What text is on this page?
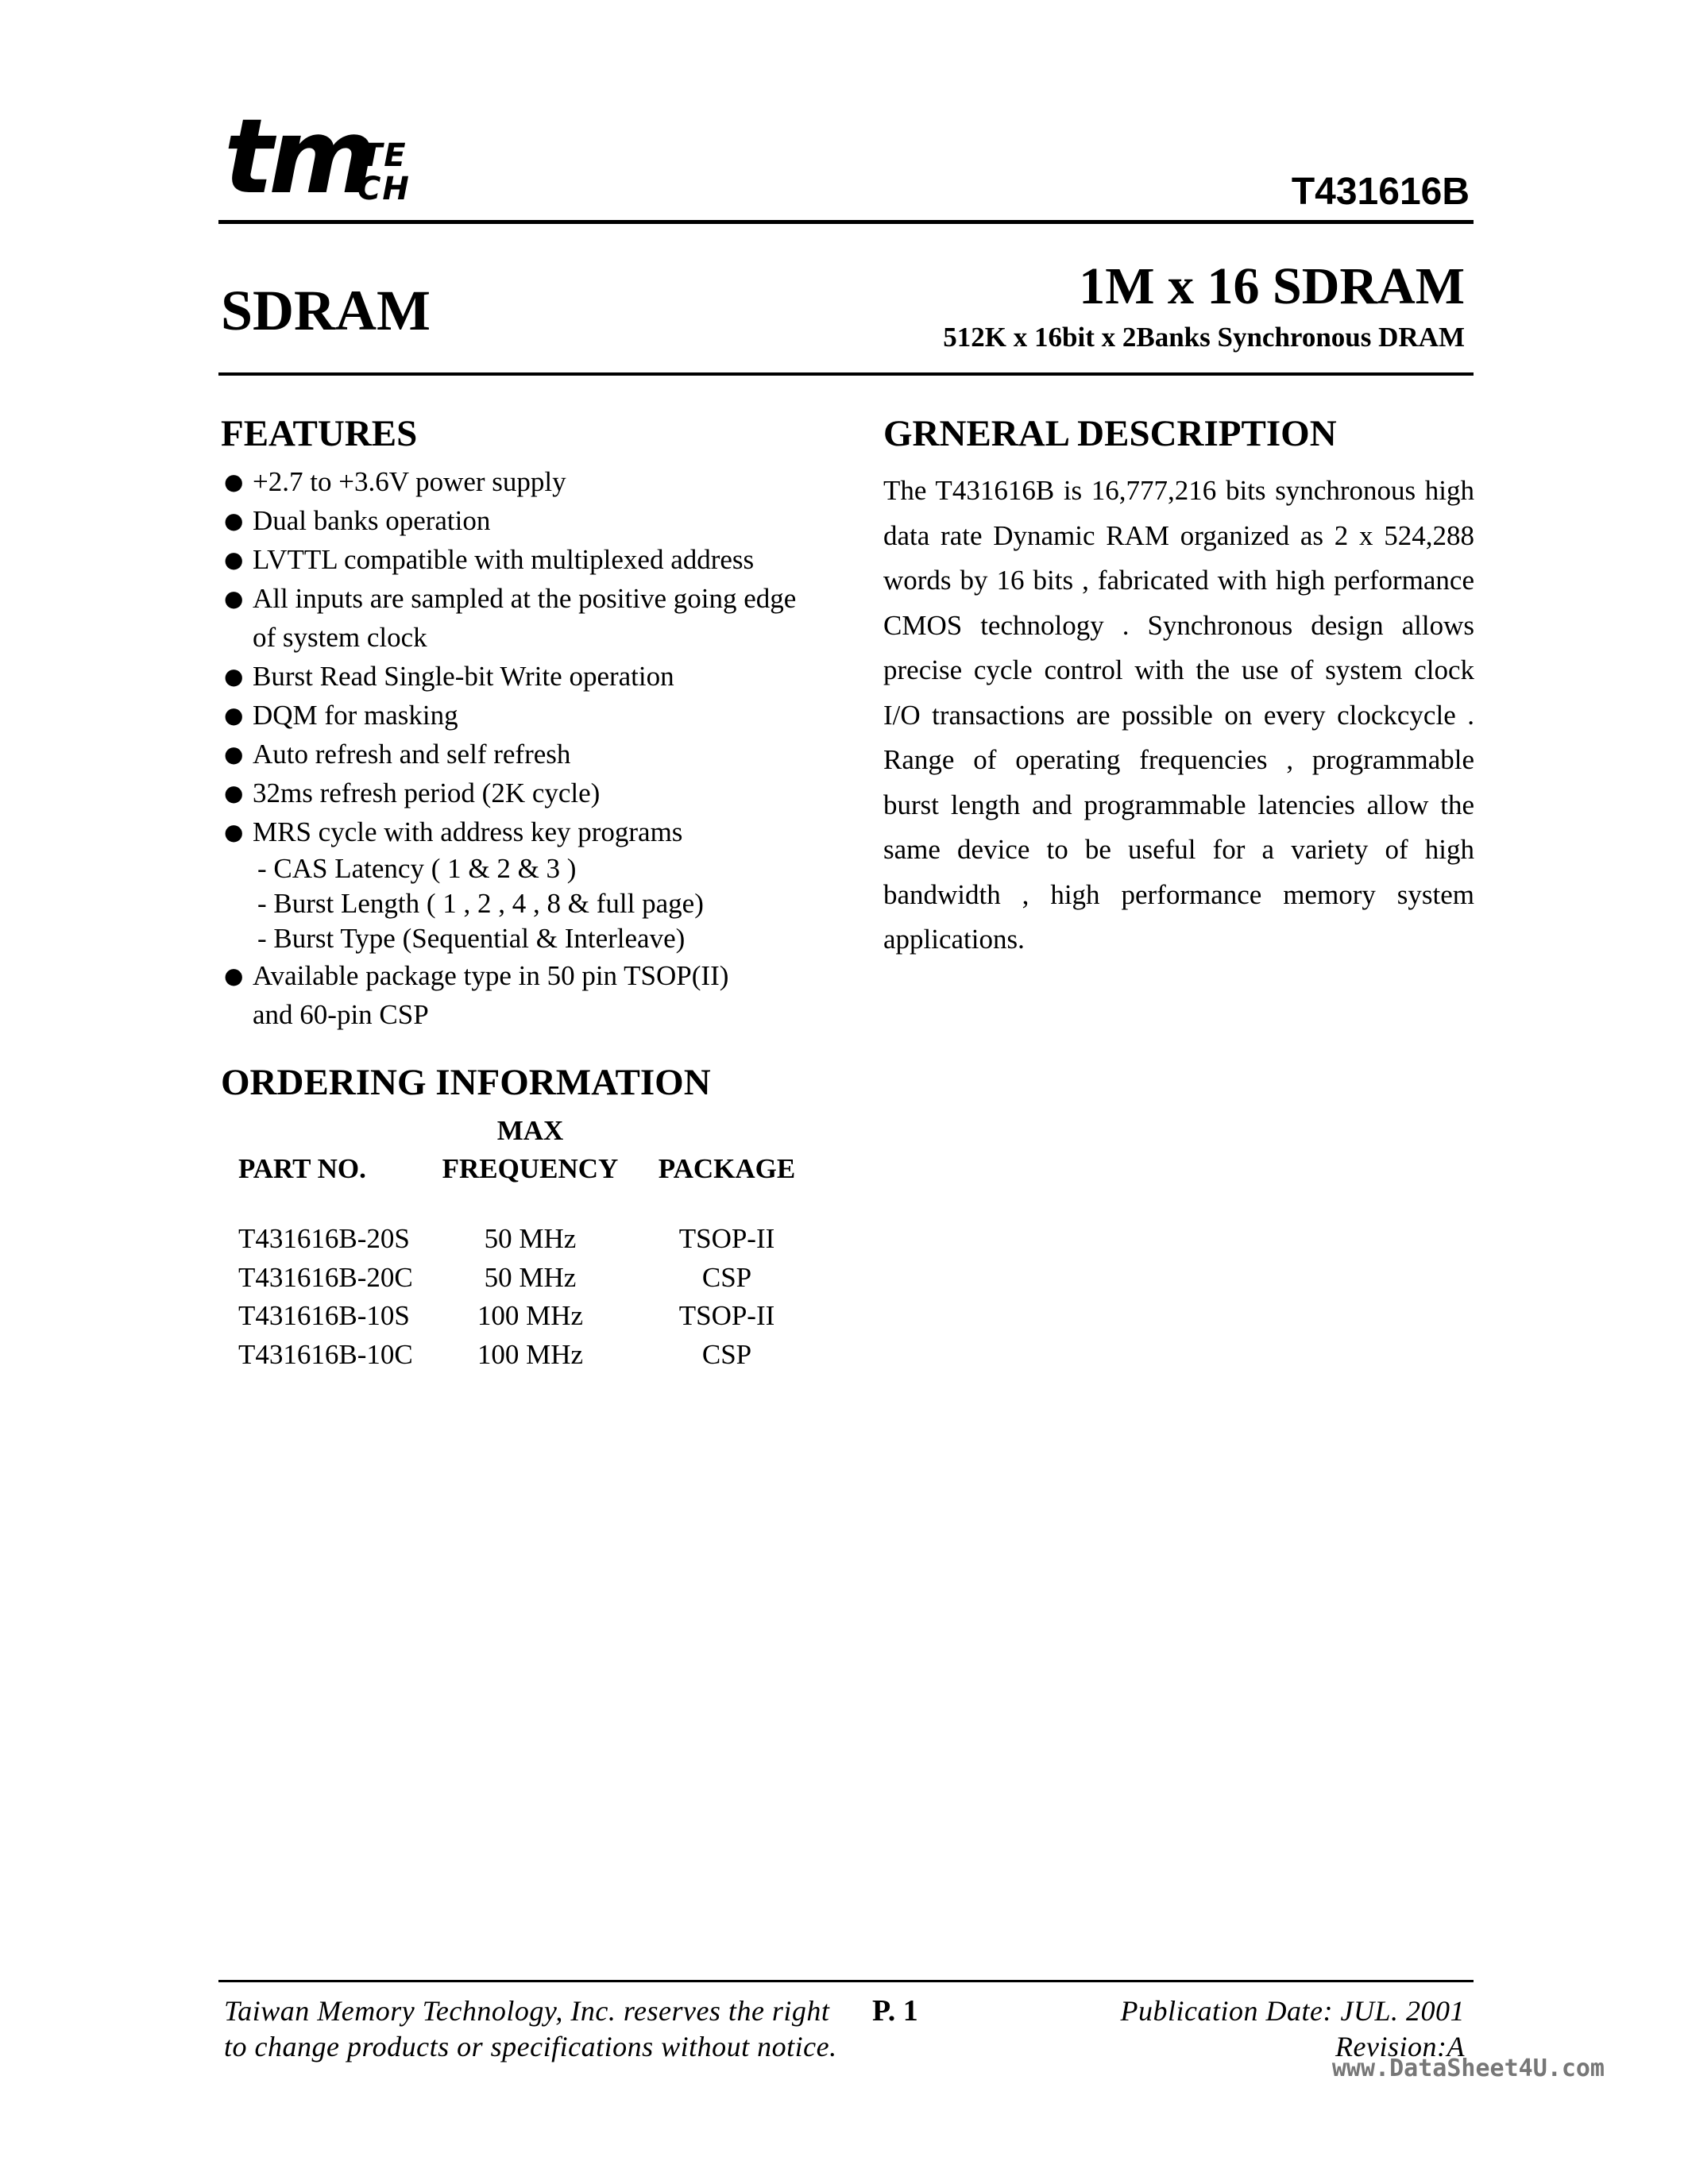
tm
TE
CH	T431616B
SDRAM	1M x 16 SDRAM
512K x 16bit x 2Banks Synchronous DRAM
FEATURES
● +2.7 to +3.6V power supply
● Dual banks operation
● LVTTL compatible with multiplexed address
● All inputs are sampled at the positive going edge
of system clock
● Burst Read Single-bit Write operation
● DQM for masking
● Auto refresh and self refresh
● 32ms refresh period (2K cycle)
● MRS cycle with address key programs
- CAS Latency ( 1 & 2 & 3 )
- Burst Length ( 1 , 2 , 4 , 8 & full page)
- Burst Type (Sequential & Interleave)
● Available package type in 50 pin TSOP(II)
and 60-pin CSP
GRNERAL DESCRIPTION

The T431616B is 16,777,216 bits synchronous high data rate Dynamic RAM organized as 2 x 524,288 words by 16 bits , fabricated with high performance CMOS technology . Synchronous design allows precise cycle control with the use of system clock I/O transactions are possible on every clockcycle . Range of operating frequencies , programmable burst length and programmable latencies allow the same device to be useful for a variety of high bandwidth , high performance memory system applications.

ORDERING INFORMATION
	MAX	
PART NO.	FREQUENCY	PACKAGE

T431616B-20S	50 MHz	TSOP-II
T431616B-20C	50 MHz	CSP
T431616B-10S	100 MHz	TSOP-II
T431616B-10C	100 MHz	CSP
Taiwan Memory Technology, Inc. reserves the right
to change products or specifications without notice.
P. 1	Publication Date: JUL. 2001
Revision:A
www.DataSheet4U.com
